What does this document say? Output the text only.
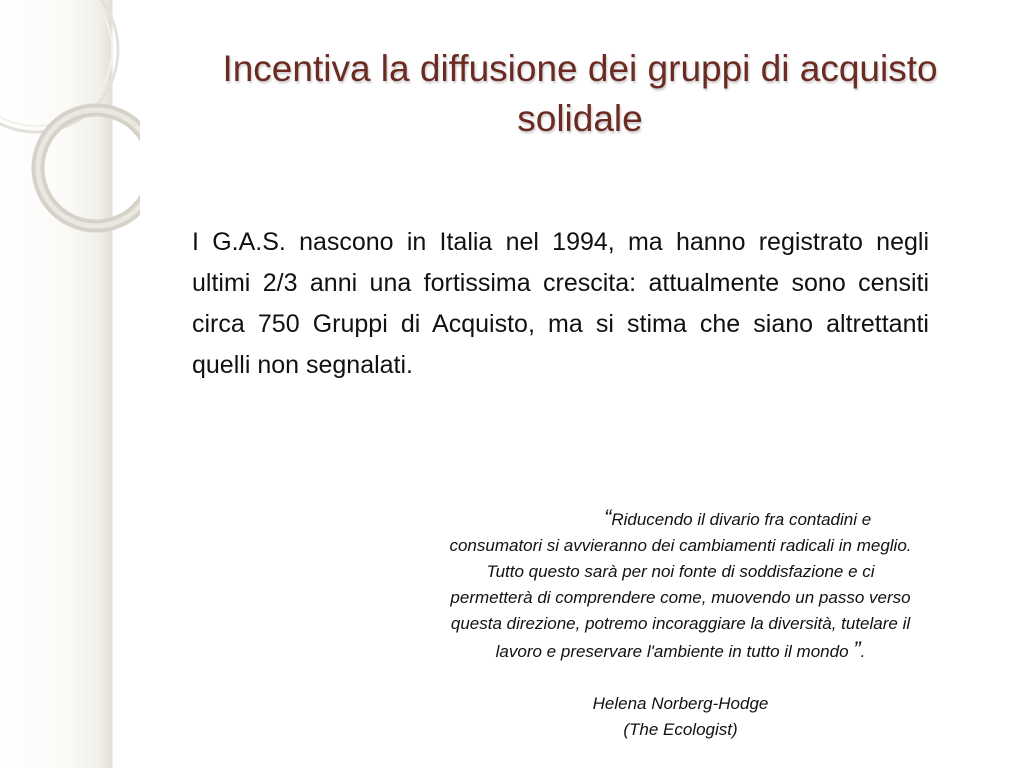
Incentiva la diffusione dei gruppi di acquisto
solidale

I G.A.S. nascono in Italia nel 1994, ma hanno registrato negli ultimi 2/3 anni una fortissima crescita: attualmente sono censiti circa 750 Gruppi di Acquisto, ma si stima che siano altrettanti quelli non segnalati.

“Riducendo il divario fra contadini e
consumatori si avvieranno dei cambiamenti radicali in meglio.
Tutto questo sarà per noi fonte di soddisfazione e ci
permetterà di comprendere come, muovendo un passo verso
questa direzione, potremo incoraggiare la diversità, tutelare il
lavoro e preservare l'ambiente in tutto il mondo ”.
Helena Norberg-Hodge
(The Ecologist)
